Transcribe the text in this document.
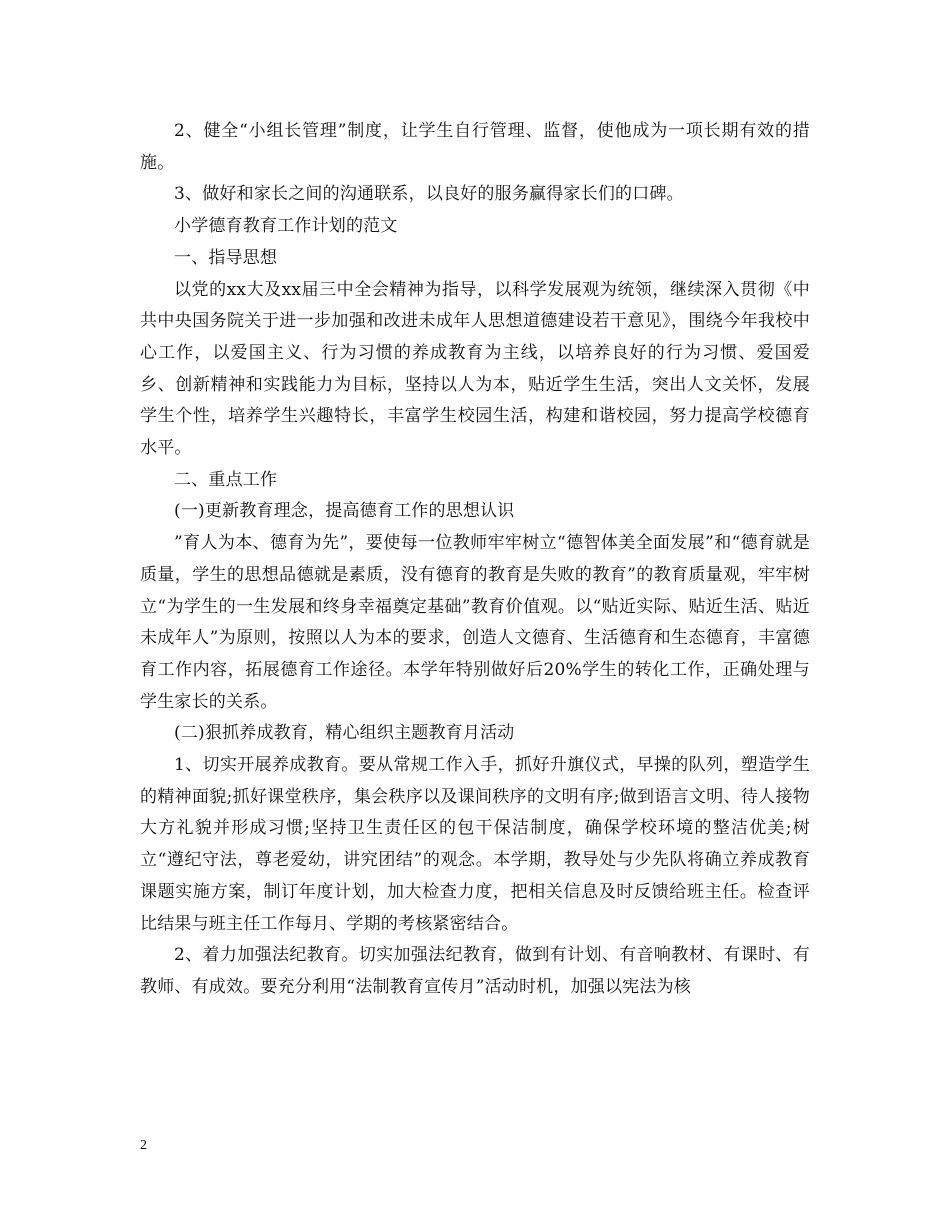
2、健全“小组长管理”制度，让学生自行管理、监督，使他成为一项长期有效的措施。

3、做好和家长之间的沟通联系，以良好的服务赢得家长们的口碑。

小学德育教育工作计划的范文

一、指导思想

以党的xx大及xx届三中全会精神为指导，以科学发展观为统领，继续深入贯彻《中共中央国务院关于进一步加强和改进未成年人思想道德建设若干意见》，围绕今年我校中心工作，以爱国主义、行为习惯的养成教育为主线，以培养良好的行为习惯、爱国爱乡、创新精神和实践能力为目标，坚持以人为本，贴近学生生活，突出人文关怀，发展学生个性，培养学生兴趣特长，丰富学生校园生活，构建和谐校园，努力提高学校德育水平。

二、重点工作

(一)更新教育理念，提高德育工作的思想认识

”育人为本、德育为先”，要使每一位教师牢牢树立“德智体美全面发展”和“德育就是质量，学生的思想品德就是素质，没有德育的教育是失败的教育”的教育质量观，牢牢树立“为学生的一生发展和终身幸福奠定基础”教育价值观。以“贴近实际、贴近生活、贴近未成年人”为原则，按照以人为本的要求，创造人文德育、生活德育和生态德育，丰富德育工作内容，拓展德育工作途径。本学年特别做好后20%学生的转化工作，正确处理与学生家长的关系。

(二)狠抓养成教育，精心组织主题教育月活动

1、切实开展养成教育。要从常规工作入手，抓好升旗仪式，早操的队列，塑造学生的精神面貌;抓好课堂秩序，集会秩序以及课间秩序的文明有序;做到语言文明、待人接物大方礼貌并形成习惯;坚持卫生责任区的包干保洁制度，确保学校环境的整洁优美;树立“遵纪守法，尊老爱幼，讲究团结”的观念。本学期，教导处与少先队将确立养成教育课题实施方案，制订年度计划，加大检查力度，把相关信息及时反馈给班主任。检查评比结果与班主任工作每月、学期的考核紧密结合。

2、着力加强法纪教育。切实加强法纪教育，做到有计划、有音响教材、有课时、有教师、有成效。要充分利用“法制教育宣传月”活动时机，加强以宪法为核

2
